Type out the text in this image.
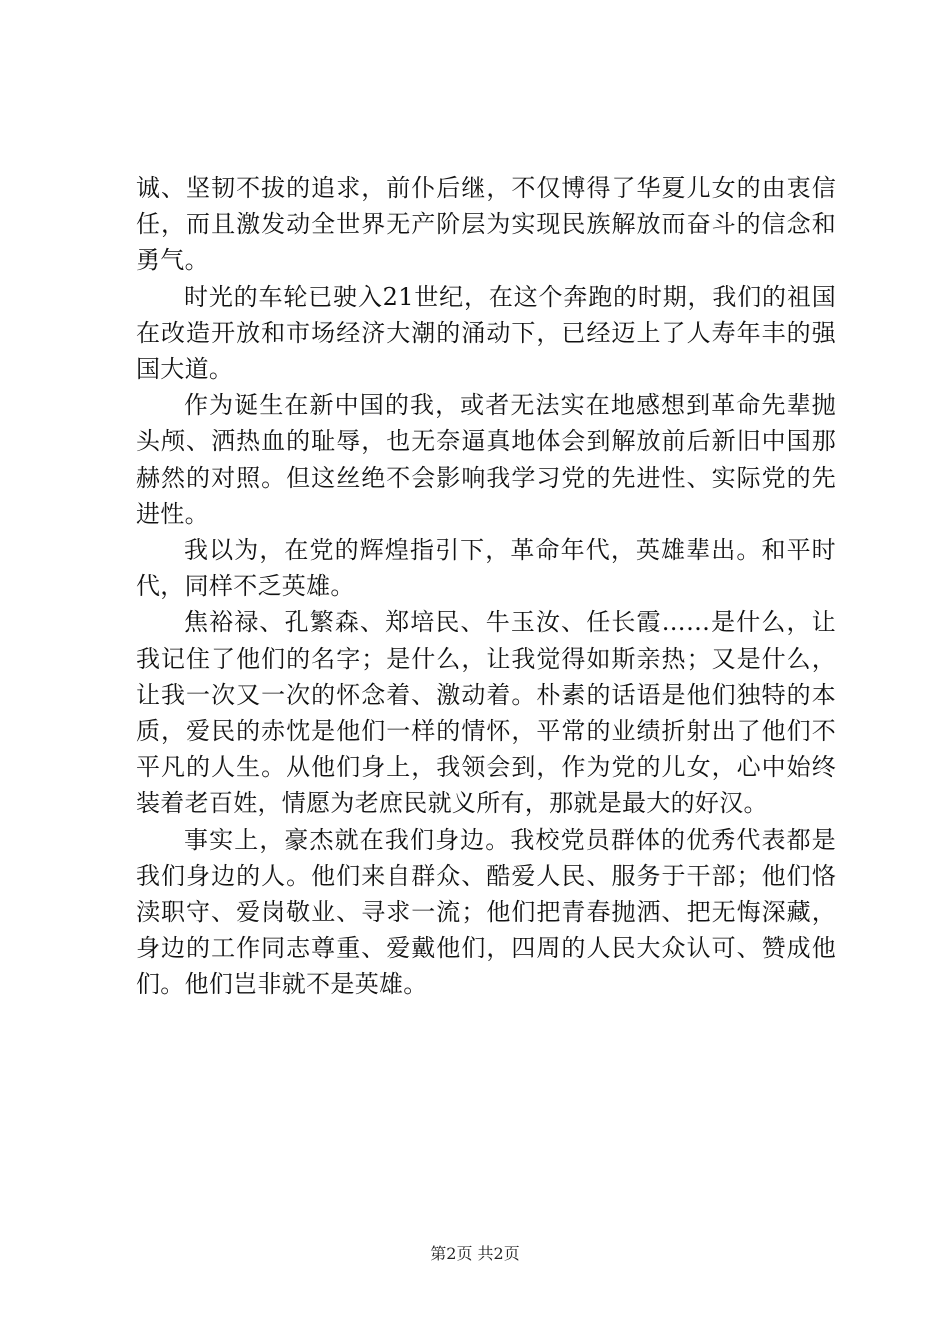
诚、坚韧不拔的追求，前仆后继，不仅博得了华夏儿女的由衷信任，而且激发动全世界无产阶层为实现民族解放而奋斗的信念和勇气。

时光的车轮已驶入21世纪，在这个奔跑的时期，我们的祖国在改造开放和市场经济大潮的涌动下，已经迈上了人寿年丰的强国大道。

作为诞生在新中国的我，或者无法实在地感想到革命先辈抛头颅、洒热血的耻辱，也无奈逼真地体会到解放前后新旧中国那赫然的对照。但这丝绝不会影响我学习党的先进性、实际党的先进性。

我以为，在党的辉煌指引下，革命年代，英雄辈出。和平时代，同样不乏英雄。

焦裕禄、孔繁森、郑培民、牛玉汝、任长霞……是什么，让我记住了他们的名字；是什么，让我觉得如斯亲热；又是什么，让我一次又一次的怀念着、激动着。朴素的话语是他们独特的本质，爱民的赤忱是他们一样的情怀，平常的业绩折射出了他们不平凡的人生。从他们身上，我领会到，作为党的儿女，心中始终装着老百姓，情愿为老庶民就义所有，那就是最大的好汉。

事实上，豪杰就在我们身边。我校党员群体的优秀代表都是我们身边的人。他们来自群众、酷爱人民、服务于干部；他们恪渎职守、爱岗敬业、寻求一流；他们把青春抛洒、把无悔深藏，身边的工作同志尊重、爱戴他们，四周的人民大众认可、赞成他们。他们岂非就不是英雄。

第2页 共2页
